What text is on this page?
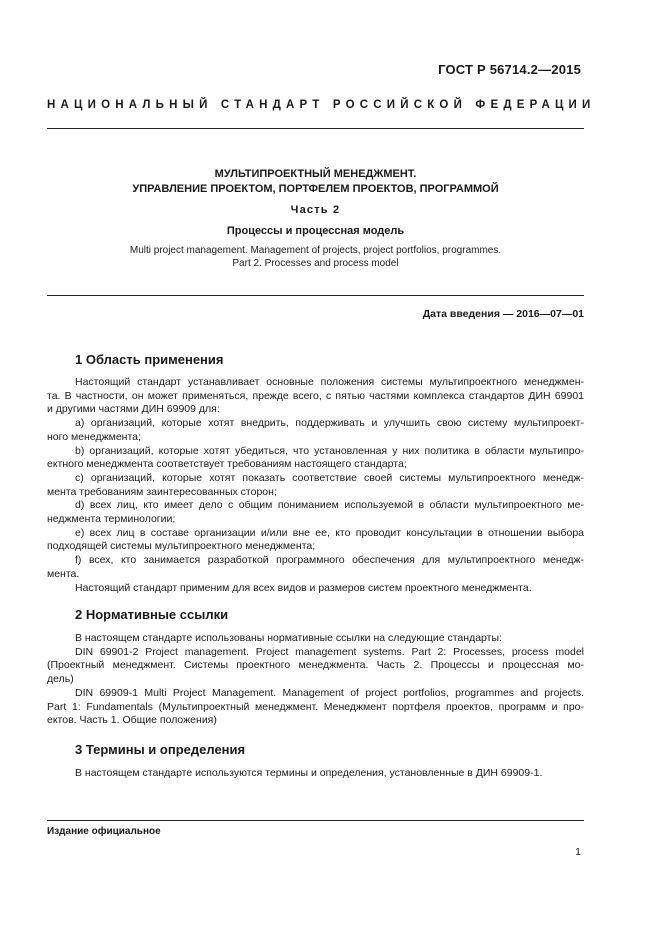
ГОСТ Р 56714.2—2015
НАЦИОНАЛЬНЫЙ СТАНДАРТ РОССИЙСКОЙ ФЕДЕРАЦИИ
МУЛЬТИПРОЕКТНЫЙ МЕНЕДЖМЕНТ.
УПРАВЛЕНИЕ ПРОЕКТОМ, ПОРТФЕЛЕМ ПРОЕКТОВ, ПРОГРАММОЙ
Часть 2
Процессы и процессная модель
Multi project management. Management of projects, project portfolios, programmes.
Part 2. Processes and process model
Дата введения — 2016—07—01
1 Область применения
Настоящий стандарт устанавливает основные положения системы мультипроектного менеджмен-
та. В частности, он может применяться, прежде всего, с пятью частями комплекса стандартов ДИН 69901
и другими частями ДИН 69909 для:
а) организаций, которые хотят внедрить, поддерживать и улучшить свою систему мультипроект-
ного менеджмента;
b) организаций, которые хотят убедиться, что установленная у них политика в области мультипро-
ектного менеджмента соответствует требованиям настоящего стандарта;
с) организаций, которые хотят показать соответствие своей системы мультипроектного менедж-
мента требованиям заинтересованных сторон;
d) всех лиц, кто имеет дело с общим пониманием используемой в области мультипроектного ме-
неджмента терминологии;
е) всех лиц в составе организации и/или вне ее, кто проводит консультации в отношении выбора
подходящей системы мультипроектного менеджмента;
f) всех, кто занимается разработкой программного обеспечения для мультипроектного менедж-
мента.
Настоящий стандарт применим для всех видов и размеров систем проектного менеджмента.
2 Нормативные ссылки
В настоящем стандарте использованы нормативные ссылки на следующие стандарты:
DIN 69901-2 Project management. Project management systems. Part 2: Processes, process model
(Проектный менеджмент. Системы проектного менеджмента. Часть 2. Процессы и процессная мо-
дель)
DIN 69909-1 Multi Project Management. Management of project portfolios, programmes and projects.
Part 1: Fundamentals (Мультипроектный менеджмент. Менеджмент портфеля проектов, программ и про-
ектов. Часть 1. Общие положения)
3 Термины и определения
В настоящем стандарте используются термины и определения, установленные в ДИН 69909-1.
Издание официальное
1
